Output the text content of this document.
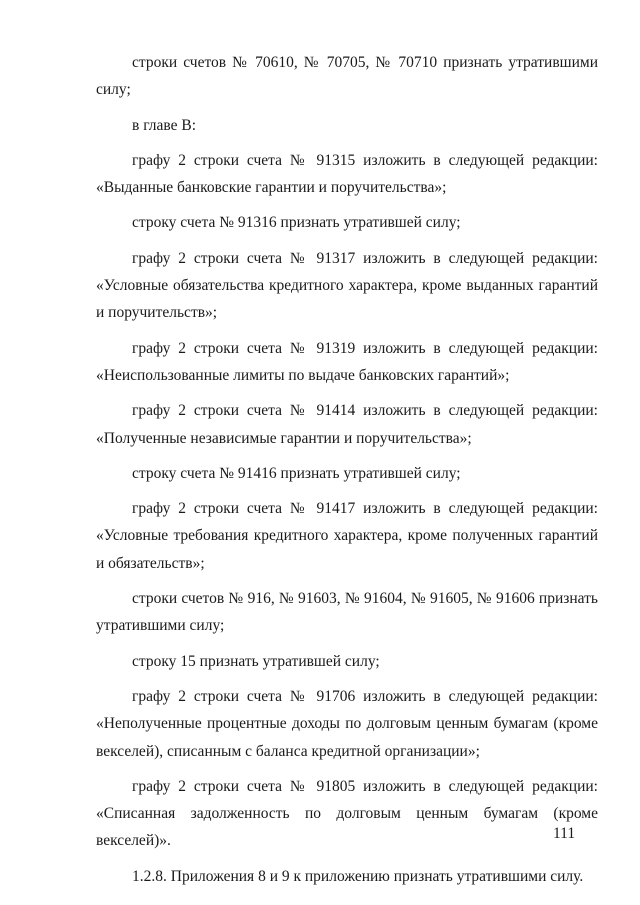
строки счетов № 70610, № 70705, № 70710 признать утратившими силу;

в главе В:

графу 2 строки счета № 91315 изложить в следующей редакции: «Выданные банковские гарантии и поручительства»;

строку счета № 91316 признать утратившей силу;

графу 2 строки счета № 91317 изложить в следующей редакции: «Условные обязательства кредитного характера, кроме выданных гарантий и поручительств»;

графу 2 строки счета № 91319 изложить в следующей редакции: «Неиспользованные лимиты по выдаче банковских гарантий»;

графу 2 строки счета № 91414 изложить в следующей редакции: «Полученные независимые гарантии и поручительства»;

строку счета № 91416 признать утратившей силу;

графу 2 строки счета № 91417 изложить в следующей редакции: «Условные требования кредитного характера, кроме полученных гарантий и обязательств»;

строки счетов № 916, № 91603, № 91604, № 91605, № 91606 признать утратившими силу;

строку 15 признать утратившей силу;

графу 2 строки счета № 91706 изложить в следующей редакции: «Неполученные процентные доходы по долговым ценным бумагам (кроме векселей), списанным с баланса кредитной организации»;

графу 2 строки счета № 91805 изложить в следующей редакции: «Списанная задолженность по долговым ценным бумагам (кроме векселей)».

1.2.8. Приложения 8 и 9 к приложению признать утратившими силу.

111
